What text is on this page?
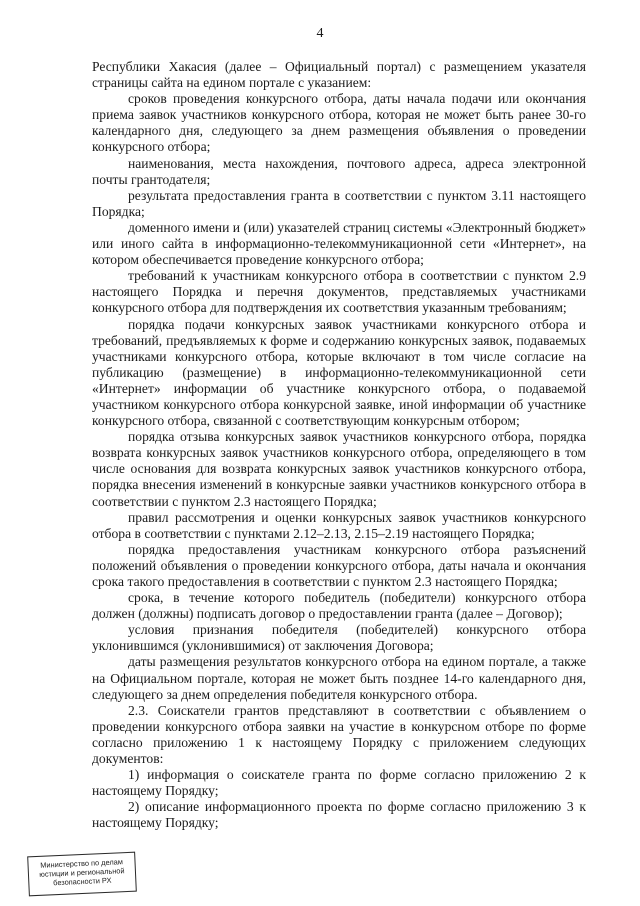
4

Республики Хакасия (далее – Официальный портал) с размещением указателя страницы сайта на едином портале с указанием:

сроков проведения конкурсного отбора, даты начала подачи или окончания приема заявок участников конкурсного отбора, которая не может быть ранее 30-го календарного дня, следующего за днем размещения объявления о проведении конкурсного отбора;

наименования, места нахождения, почтового адреса, адреса электронной почты грантодателя;

результата предоставления гранта в соответствии с пунктом 3.11 настоящего Порядка;

доменного имени и (или) указателей страниц системы «Электронный бюджет» или иного сайта в информационно-телекоммуникационной сети «Интернет», на котором обеспечивается проведение конкурсного отбора;

требований к участникам конкурсного отбора в соответствии с пунктом 2.9 настоящего Порядка и перечня документов, представляемых участниками конкурсного отбора для подтверждения их соответствия указанным требованиям;

порядка подачи конкурсных заявок участниками конкурсного отбора и требований, предъявляемых к форме и содержанию конкурсных заявок, подаваемых участниками конкурсного отбора, которые включают в том числе согласие на публикацию (размещение) в информационно-телекоммуникационной сети «Интернет» информации об участнике конкурсного отбора, о подаваемой участником конкурсного отбора конкурсной заявке, иной информации об участнике конкурсного отбора, связанной с соответствующим конкурсным отбором;

порядка отзыва конкурсных заявок участников конкурсного отбора, порядка возврата конкурсных заявок участников конкурсного отбора, определяющего в том числе основания для возврата конкурсных заявок участников конкурсного отбора, порядка внесения изменений в конкурсные заявки участников конкурсного отбора в соответствии с пунктом 2.3 настоящего Порядка;

правил рассмотрения и оценки конкурсных заявок участников конкурсного отбора в соответствии с пунктами 2.12–2.13, 2.15–2.19 настоящего Порядка;

порядка предоставления участникам конкурсного отбора разъяснений положений объявления о проведении конкурсного отбора, даты начала и окончания срока такого предоставления в соответствии с пунктом 2.3 настоящего Порядка;

срока, в течение которого победитель (победители) конкурсного отбора должен (должны) подписать договор о предоставлении гранта (далее – Договор);

условия признания победителя (победителей) конкурсного отбора уклонившимся (уклонившимися) от заключения Договора;

даты размещения результатов конкурсного отбора на едином портале, а также на Официальном портале, которая не может быть позднее 14-го календарного дня, следующего за днем определения победителя конкурсного отбора.

2.3. Соискатели грантов представляют в соответствии с объявлением о проведении конкурсного отбора заявки на участие в конкурсном отборе по форме согласно приложению 1 к настоящему Порядку с приложением следующих документов:

1) информация о соискателе гранта по форме согласно приложению 2 к настоящему Порядку;

2) описание информационного проекта по форме согласно приложению 3 к настоящему Порядку;

Министерство по делам
юстиции и региональной
безопасности РХ
